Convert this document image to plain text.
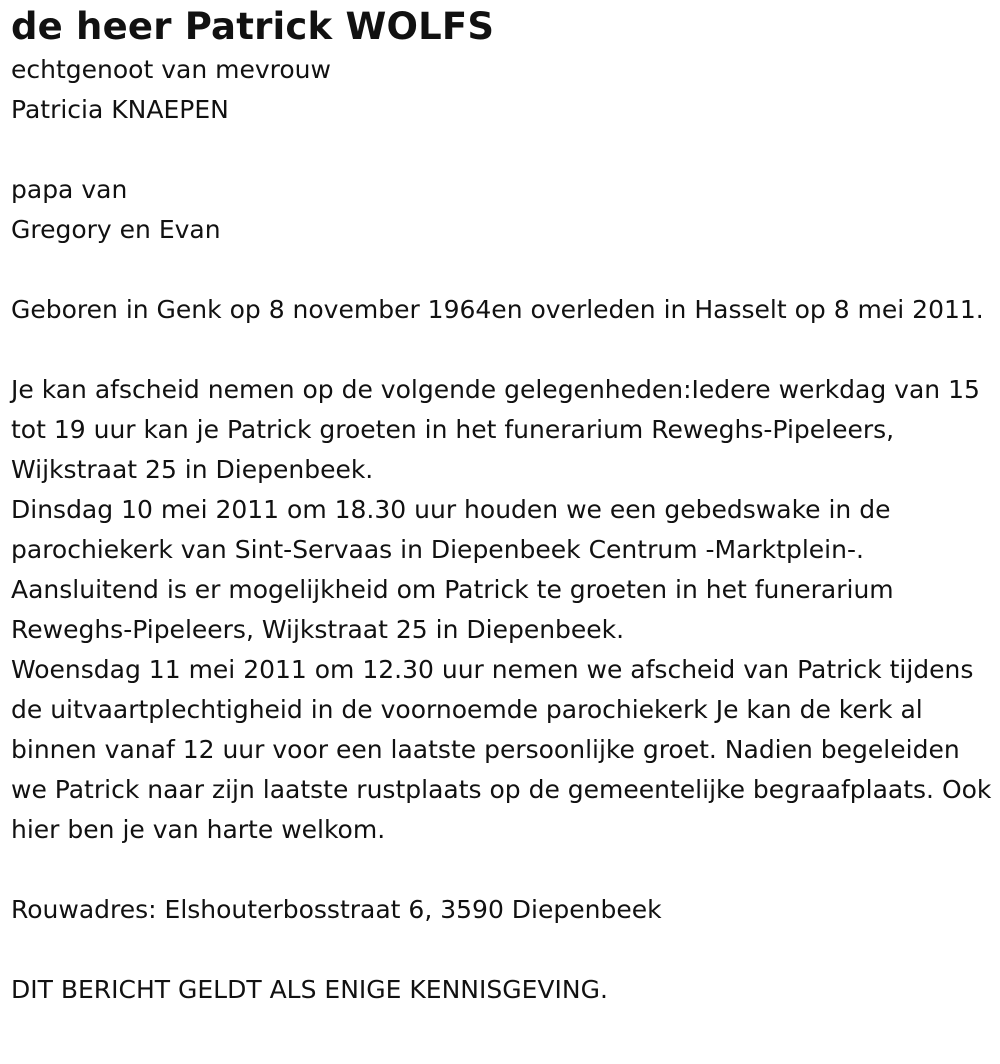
de heer Patrick WOLFS

echtgenoot van mevrouw

Patricia KNAEPEN

papa van

Gregory en Evan

Geboren in Genk op 8 november 1964en overleden in Hasselt op 8 mei 2011.

Je kan afscheid nemen op de volgende gelegenheden:Iedere werkdag van 15 tot 19 uur kan je Patrick groeten in het funerarium Reweghs-Pipeleers, Wijkstraat 25 in Diepenbeek.

Dinsdag 10 mei 2011 om 18.30 uur houden we een gebedswake in de parochiekerk van Sint-Servaas in Diepenbeek Centrum -Marktplein-.

Aansluitend is er mogelijkheid om Patrick te groeten in het funerarium Reweghs-Pipeleers, Wijkstraat 25 in Diepenbeek.

Woensdag 11 mei 2011 om 12.30 uur nemen we afscheid van Patrick tijdens de uitvaartplechtigheid in de voornoemde parochiekerk Je kan de kerk al binnen vanaf 12 uur voor een laatste persoonlijke groet. Nadien begeleiden we Patrick naar zijn laatste rustplaats op de gemeentelijke begraafplaats. Ook hier ben je van harte welkom.

Rouwadres: Elshouterbosstraat 6, 3590 Diepenbeek

DIT BERICHT GELDT ALS ENIGE KENNISGEVING.
